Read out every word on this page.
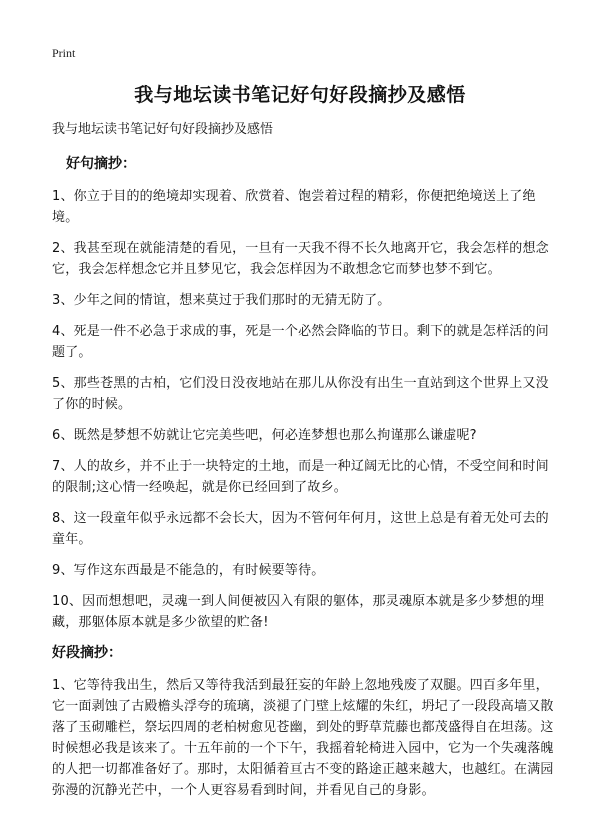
Print
我与地坛读书笔记好句好段摘抄及感悟

我与地坛读书笔记好句好段摘抄及感悟

好句摘抄：

1、你立于目的的绝境却实现着、欣赏着、饱尝着过程的精彩，你便把绝境送上了绝境。

2、我甚至现在就能清楚的看见，一旦有一天我不得不长久地离开它，我会怎样的想念它，我会怎样想念它并且梦见它，我会怎样因为不敢想念它而梦也梦不到它。

3、少年之间的情谊，想来莫过于我们那时的无猜无防了。

4、死是一件不必急于求成的事，死是一个必然会降临的节日。剩下的就是怎样活的问题了。

5、那些苍黑的古柏，它们没日没夜地站在那儿从你没有出生一直站到这个世界上又没了你的时候。

6、既然是梦想不妨就让它完美些吧，何必连梦想也那么拘谨那么谦虚呢?

7、人的故乡，并不止于一块特定的土地，而是一种辽阔无比的心情，不受空间和时间的限制;这心情一经唤起，就是你已经回到了故乡。

8、这一段童年似乎永远都不会长大，因为不管何年何月，这世上总是有着无处可去的童年。

9、写作这东西最是不能急的，有时候要等待。

10、因而想想吧，灵魂一到人间便被囚入有限的躯体，那灵魂原本就是多少梦想的埋藏，那躯体原本就是多少欲望的贮备!

好段摘抄：

1、它等待我出生，然后又等待我活到最狂妄的年龄上忽地残废了双腿。四百多年里，它一面剥蚀了古殿檐头浮夸的琉璃，淡褪了门壁上炫耀的朱红，坍圮了一段段高墙又散落了玉砌雕栏，祭坛四周的老柏树愈见苍幽，到处的野草荒藤也都茂盛得自在坦荡。这时候想必我是该来了。十五年前的一个下午，我摇着轮椅进入园中，它为一个失魂落魄的人把一切都准备好了。那时，太阳循着亘古不变的路途正越来越大，也越红。在满园弥漫的沉静光芒中，一个人更容易看到时间，并看见自己的身影。
